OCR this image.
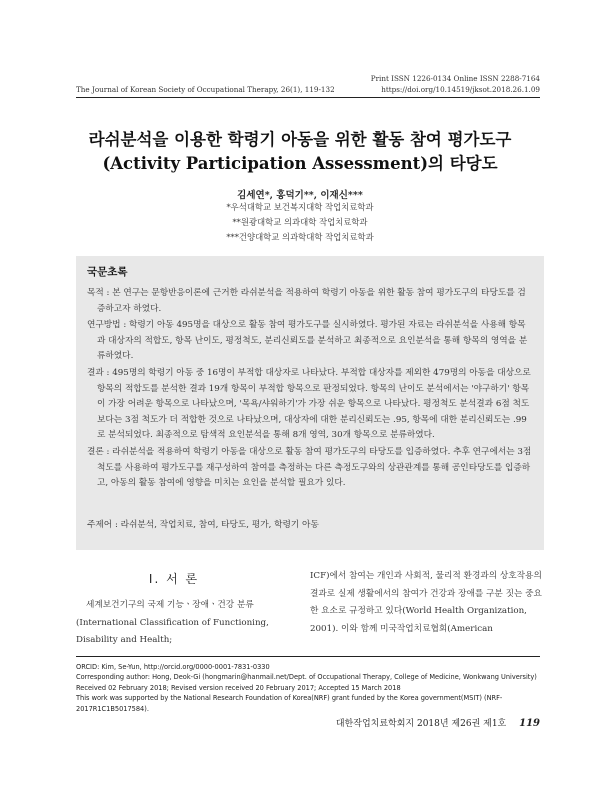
Print ISSN 1226-0134 Online ISSN 2288-7164
https://doi.org/10.14519/jksot.2018.26.1.09
The Journal of Korean Society of Occupational Therapy, 26(1), 119-132
라쉬분석을 이용한 학령기 아동을 위한 활동 참여 평가도구
(Activity Participation Assessment)의 타당도
김세연*, 홍덕기**, 이재신***
*우석대학교 보건복지대학 작업치료학과
**원광대학교 의과대학 작업치료학과
***건양대학교 의과학대학 작업치료학과
국문초록
목적 : 본 연구는 문항반응이론에 근거한 라쉬분석을 적용하여 학령기 아동을 위한 활동 참여 평가도구의 타당도를 검증하고자 하였다.
연구방법 : 학령기 아동 495명을 대상으로 활동 참여 평가도구를 실시하였다. 평가된 자료는 라쉬분석을 사용해 항목과 대상자의 적합도, 항목 난이도, 평정척도, 분리신뢰도를 분석하고 최종적으로 요인분석을 통해 항목의 영역을 분류하였다.
결과 : 495명의 학령기 아동 중 16명이 부적합 대상자로 나타났다. 부적합 대상자를 제외한 479명의 아동을 대상으로 항목의 적합도를 분석한 결과 19개 항목이 부적합 항목으로 판정되었다. 항목의 난이도 분석에서는 '야구하기' 항목이 가장 어려운 항목으로 나타났으며, '목욕/샤워하기'가 가장 쉬운 항목으로 나타났다. 평정척도 분석결과 6점 척도보다는 3점 척도가 더 적합한 것으로 나타났으며, 대상자에 대한 분리신뢰도는 .95, 항목에 대한 분리신뢰도는 .99로 분석되었다. 최종적으로 탐색적 요인분석을 통해 8개 영역, 30개 항목으로 분류하였다.
결론 : 라쉬분석을 적용하여 학령기 아동을 대상으로 활동 참여 평가도구의 타당도를 입증하였다. 추후 연구에서는 3점 척도를 사용하여 평가도구를 재구성하여 참여를 측정하는 다른 측정도구와의 상관관계를 통해 공인타당도를 입증하고, 아동의 활동 참여에 영향을 미치는 요인을 분석할 필요가 있다.
주제어 : 라쉬분석, 작업치료, 참여, 타당도, 평가, 학령기 아동
Ⅰ. 서 론
세계보건기구의 국제 기능ㆍ장애ㆍ건강 분류(International Classification of Functioning, Disability and Health;
ICF)에서 참여는 개인과 사회적, 물리적 환경과의 상호작용의 결과로 실제 생활에서의 참여가 건강과 장애를 구분 짓는 중요한 요소로 규정하고 있다(World Health Organization, 2001). 이와 함께 미국작업치료협회(American
ORCID: Kim, Se-Yun, http://orcid.org/0000-0001-7831-0330
Corresponding author: Hong, Deok-Gi (hongmarin@hanmail.net/Dept. of Occupational Therapy, College of Medicine, Wonkwang University)
Received 02 February 2018; Revised version received 20 February 2017; Accepted 15 March 2018
This work was supported by the National Research Foundation of Korea(NRF) grant funded by the Korea government(MSIT) (NRF-2017R1C1B5017584).
대한작업치료학회지 2018년 제26권 제1호 119
